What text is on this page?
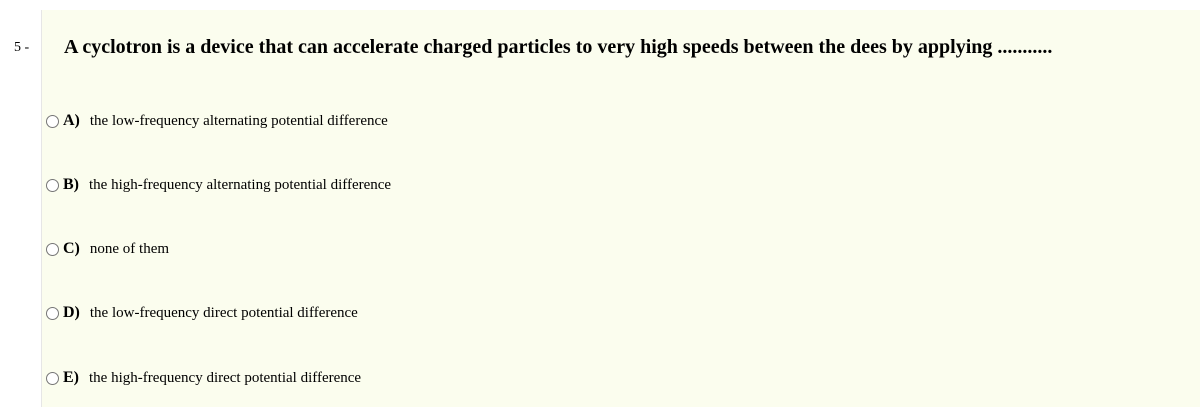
5 - A cyclotron is a device that can accelerate charged particles to very high speeds between the dees by applying ...........
A) the low-frequency alternating potential difference
B) the high-frequency alternating potential difference
C) none of them
D) the low-frequency direct potential difference
E) the high-frequency direct potential difference
